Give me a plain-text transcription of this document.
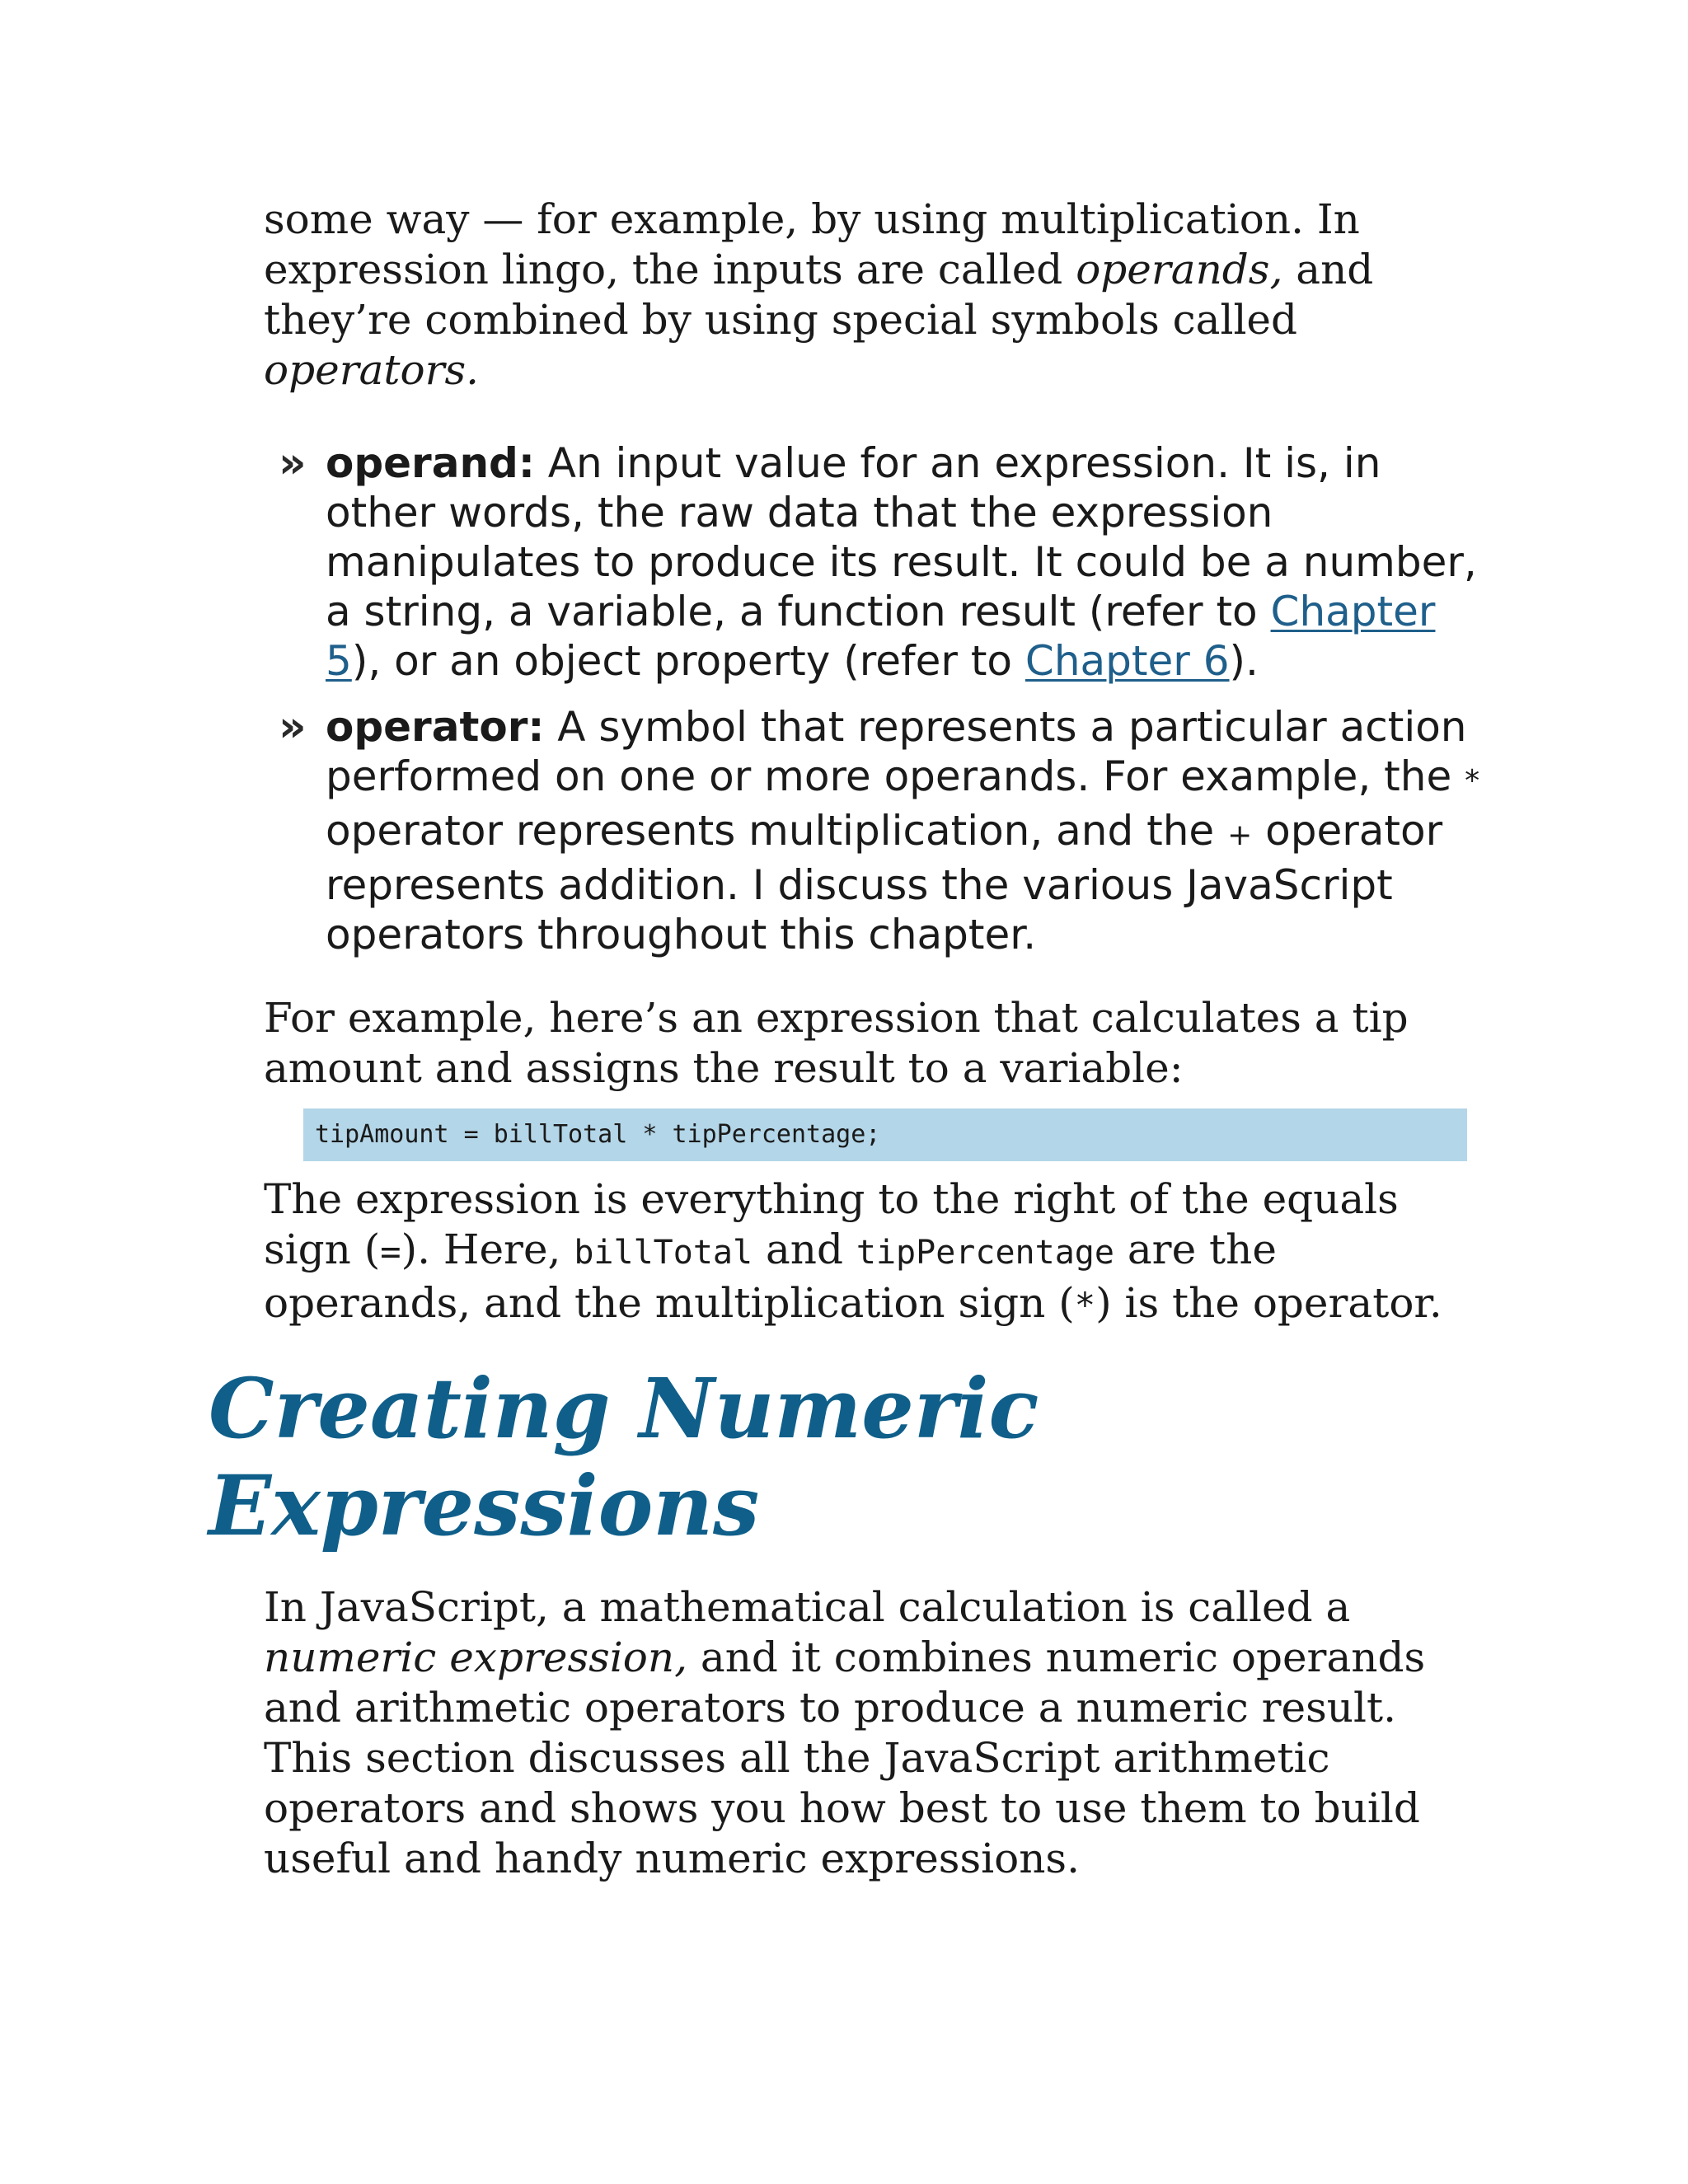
some way — for example, by using multiplication. In expression lingo, the inputs are called operands, and they’re combined by using special symbols called operators.

» operand: An input value for an expression. It is, in other words, the raw data that the expression manipulates to produce its result. It could be a number, a string, a variable, a function result (refer to Chapter 5), or an object property (refer to Chapter 6).
» operator: A symbol that represents a particular action performed on one or more operands. For example, the * operator represents multiplication, and the + operator represents addition. I discuss the various JavaScript operators throughout this chapter.

For example, here’s an expression that calculates a tip amount and assigns the result to a variable:

tipAmount = billTotal * tipPercentage;

The expression is everything to the right of the equals sign (=). Here, billTotal and tipPercentage are the operands, and the multiplication sign (*) is the operator.

Creating Numeric Expressions

In JavaScript, a mathematical calculation is called a numeric expression, and it combines numeric operands and arithmetic operators to produce a numeric result. This section discusses all the JavaScript arithmetic operators and shows you how best to use them to build useful and handy numeric expressions.
